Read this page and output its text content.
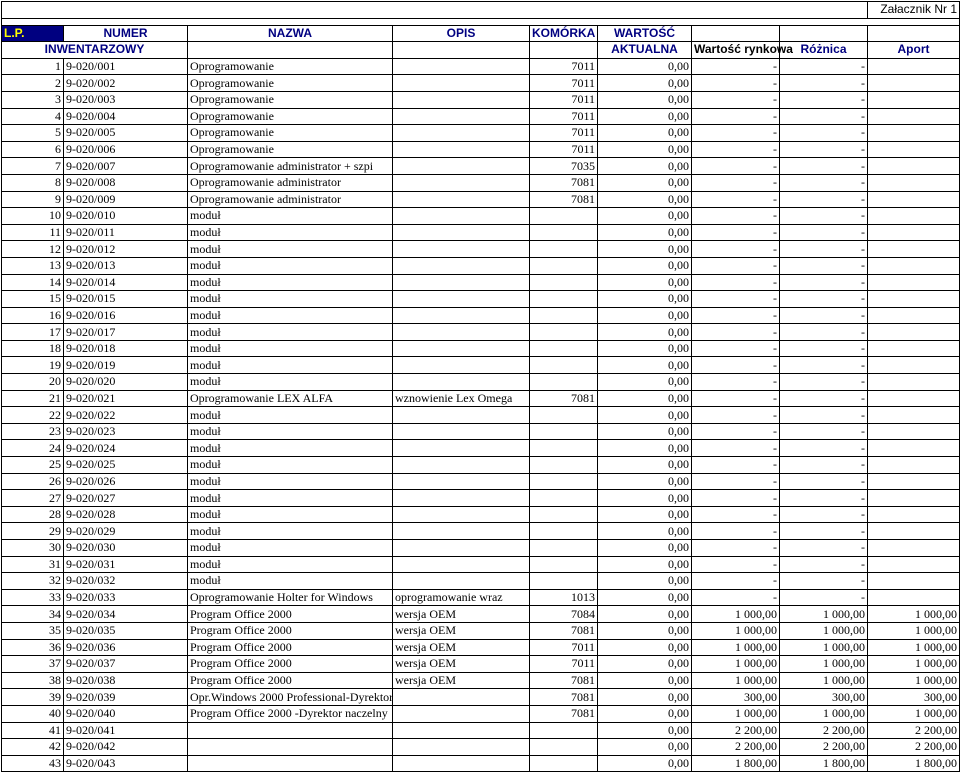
								Załacznik Nr 1

L.P.	NUMER	NAZWA	OPIS	KOMÓRKA	WARTOŚĆ			
INWENTARZOWY					AKTUALNA	Wartość rynkowa	Różnica	Aport
1	9-020/001	Oprogramowanie		7011	0,00	-	-	
2	9-020/002	Oprogramowanie		7011	0,00	-	-	
3	9-020/003	Oprogramowanie		7011	0,00	-	-	
4	9-020/004	Oprogramowanie		7011	0,00	-	-	
5	9-020/005	Oprogramowanie		7011	0,00	-	-	
6	9-020/006	Oprogramowanie		7011	0,00	-	-	
7	9-020/007	Oprogramowanie administrator + szpi		7035	0,00	-	-	
8	9-020/008	Oprogramowanie administrator		7081	0,00	-	-	
9	9-020/009	Oprogramowanie administrator		7081	0,00	-	-	
10	9-020/010	moduł			0,00	-	-	
11	9-020/011	moduł			0,00	-	-	
12	9-020/012	moduł			0,00	-	-	
13	9-020/013	moduł			0,00	-	-	
14	9-020/014	moduł			0,00	-	-	
15	9-020/015	moduł			0,00	-	-	
16	9-020/016	moduł			0,00	-	-	
17	9-020/017	moduł			0,00	-	-	
18	9-020/018	moduł			0,00	-	-	
19	9-020/019	moduł			0,00	-	-	
20	9-020/020	moduł			0,00	-	-	
21	9-020/021	Oprogramowanie LEX ALFA	wznowienie Lex Omega	7081	0,00	-	-	
22	9-020/022	moduł			0,00	-	-	
23	9-020/023	moduł			0,00	-	-	
24	9-020/024	moduł			0,00	-	-	
25	9-020/025	moduł			0,00	-	-	
26	9-020/026	moduł			0,00	-	-	
27	9-020/027	moduł			0,00	-	-	
28	9-020/028	moduł			0,00	-	-	
29	9-020/029	moduł			0,00	-	-	
30	9-020/030	moduł			0,00	-	-	
31	9-020/031	moduł			0,00	-	-	
32	9-020/032	moduł			0,00	-	-	
33	9-020/033	Oprogramowanie Holter for Windows	oprogramowanie wraz	1013	0,00	-	-	
34	9-020/034	Program Office 2000	wersja OEM	7084	0,00	1 000,00	1 000,00	1 000,00
35	9-020/035	Program Office 2000	wersja OEM	7081	0,00	1 000,00	1 000,00	1 000,00
36	9-020/036	Program Office 2000	wersja OEM	7011	0,00	1 000,00	1 000,00	1 000,00
37	9-020/037	Program Office 2000	wersja OEM	7011	0,00	1 000,00	1 000,00	1 000,00
38	9-020/038	Program Office 2000	wersja OEM	7081	0,00	1 000,00	1 000,00	1 000,00
39	9-020/039	Opr.Windows 2000 Professional-Dyrektor		7081	0,00	300,00	300,00	300,00
40	9-020/040	Program Office 2000 -Dyrektor naczelny		7081	0,00	1 000,00	1 000,00	1 000,00
41	9-020/041				0,00	2 200,00	2 200,00	2 200,00
42	9-020/042				0,00	2 200,00	2 200,00	2 200,00
43	9-020/043				0,00	1 800,00	1 800,00	1 800,00
